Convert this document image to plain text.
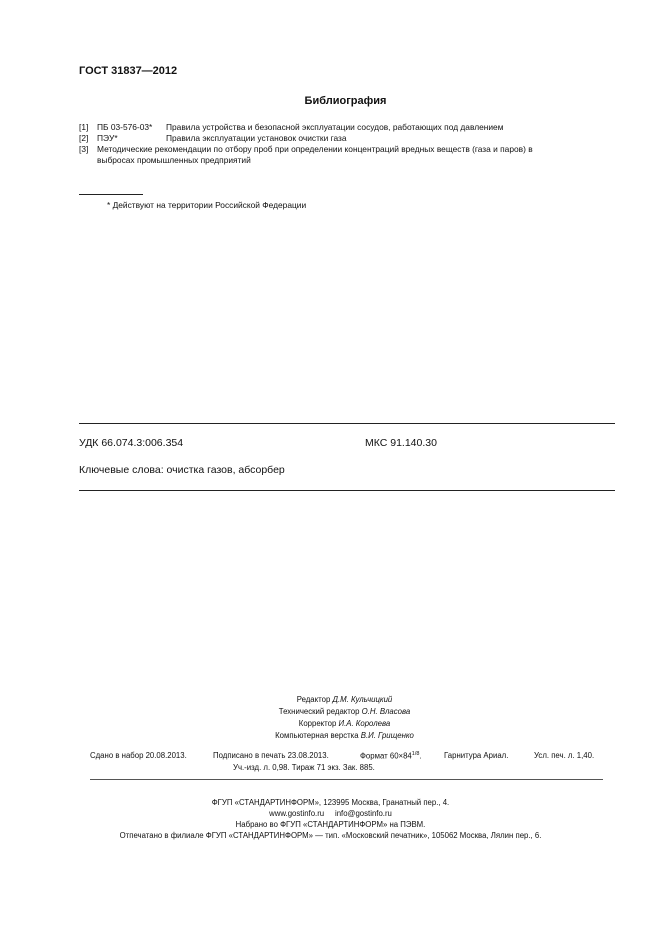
ГОСТ 31837—2012
Библиография
[1] ПБ 03-576-03* Правила устройства и безопасной эксплуатации сосудов, работающих под давлением
[2] ПЭУ*	Правила эксплуатации установок очистки газа
[3] Методические рекомендации по отбору проб при определении концентраций вредных веществ (газа и паров) в
выбросах промышленных предприятий
* Действуют на территории Российской Федерации
УДК 66.074.3:006.354	МКС 91.140.30
Ключевые слова: очистка газов, абсорбер
Редактор Д.М. Кульчицкий
Технический редактор О.Н. Власова
Корректор И.А. Королева
Компьютерная верстка В.И. Грищенко
Сдано в набор 20.08.2013.	Подписано в печать 23.08.2013.	Формат $60\times 84^{1/8}$.	Гарнитура Ариал.	Усл. печ. л. 1,40.
Уч.-изд. л. 0,98. Тираж 71 экз. Зак. 885.
ФГУП «СТАНДАРТИНФОРМ», 123995 Москва, Гранатный пер., 4.
www.gostinfo.ru info@gostinfo.ru
Набрано во ФГУП «СТАНДАРТИНФОРМ» на ПЭВМ.
Отпечатано в филиале ФГУП «СТАНДАРТИНФОРМ» — тип. «Московский печатник», 105062 Москва, Лялин пер., 6.
